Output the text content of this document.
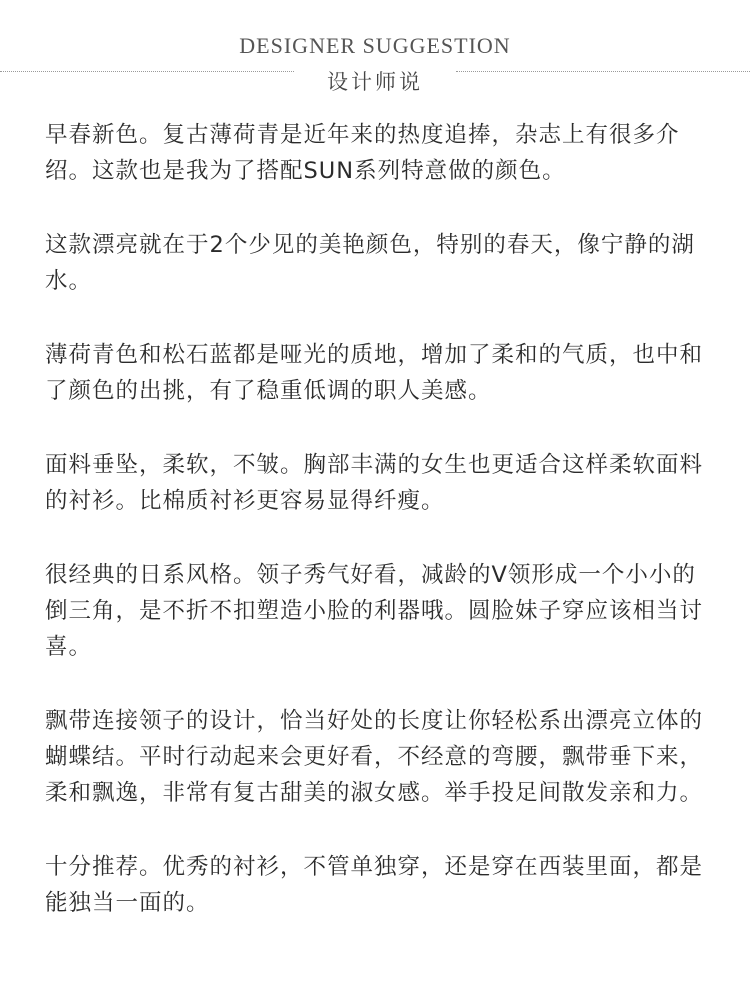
DESIGNER SUGGESTION
设计师说

早春新色。复古薄荷青是近年来的热度追捧，杂志上有很多介绍。这款也是我为了搭配SUN系列特意做的颜色。

这款漂亮就在于2个少见的美艳颜色，特别的春天，像宁静的湖水。

薄荷青色和松石蓝都是哑光的质地，增加了柔和的气质，也中和了颜色的出挑，有了稳重低调的职人美感。

面料垂坠，柔软，不皱。胸部丰满的女生也更适合这样柔软面料的衬衫。比棉质衬衫更容易显得纤瘦。

很经典的日系风格。领子秀气好看，减龄的V领形成一个小小的倒三角，是不折不扣塑造小脸的利器哦。圆脸妹子穿应该相当讨喜。

飘带连接领子的设计，恰当好处的长度让你轻松系出漂亮立体的蝴蝶结。平时行动起来会更好看，不经意的弯腰，飘带垂下来，柔和飘逸，非常有复古甜美的淑女感。举手投足间散发亲和力。

十分推荐。优秀的衬衫，不管单独穿，还是穿在西装里面，都是能独当一面的。
